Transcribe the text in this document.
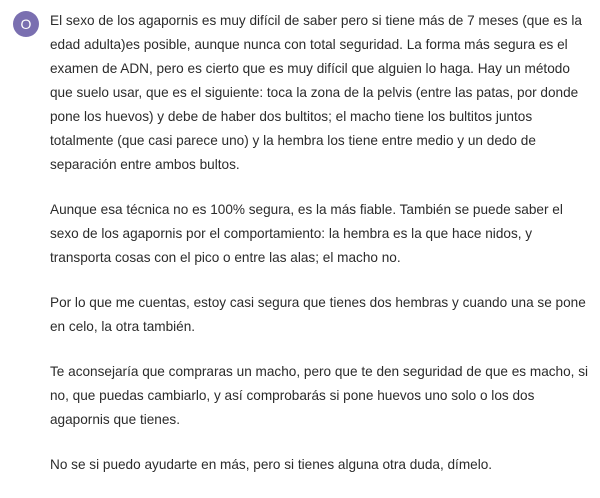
O	El sexo de los agapornis es muy difícil de saber pero si tiene más de 7 meses (que es la edad adulta)es posible, aunque nunca con total seguridad. La forma más segura es el examen de ADN, pero es cierto que es muy difícil que alguien lo haga. Hay un método que suelo usar, que es el siguiente: toca la zona de la pelvis (entre las patas, por donde pone los huevos) y debe de haber dos bultitos; el macho tiene los bultitos juntos totalmente (que casi parece uno) y la hembra los tiene entre medio y un dedo de separación entre ambos bultos.

Aunque esa técnica no es 100% segura, es la más fiable. También se puede saber el sexo de los agapornis por el comportamiento: la hembra es la que hace nidos, y transporta cosas con el pico o entre las alas; el macho no.

Por lo que me cuentas, estoy casi segura que tienes dos hembras y cuando una se pone en celo, la otra también.

Te aconsejaría que compraras un macho, pero que te den seguridad de que es macho, si no, que puedas cambiarlo, y así comprobarás si pone huevos uno solo o los dos agapornis que tienes.

No se si puedo ayudarte en más, pero si tienes alguna otra duda, dímelo.
